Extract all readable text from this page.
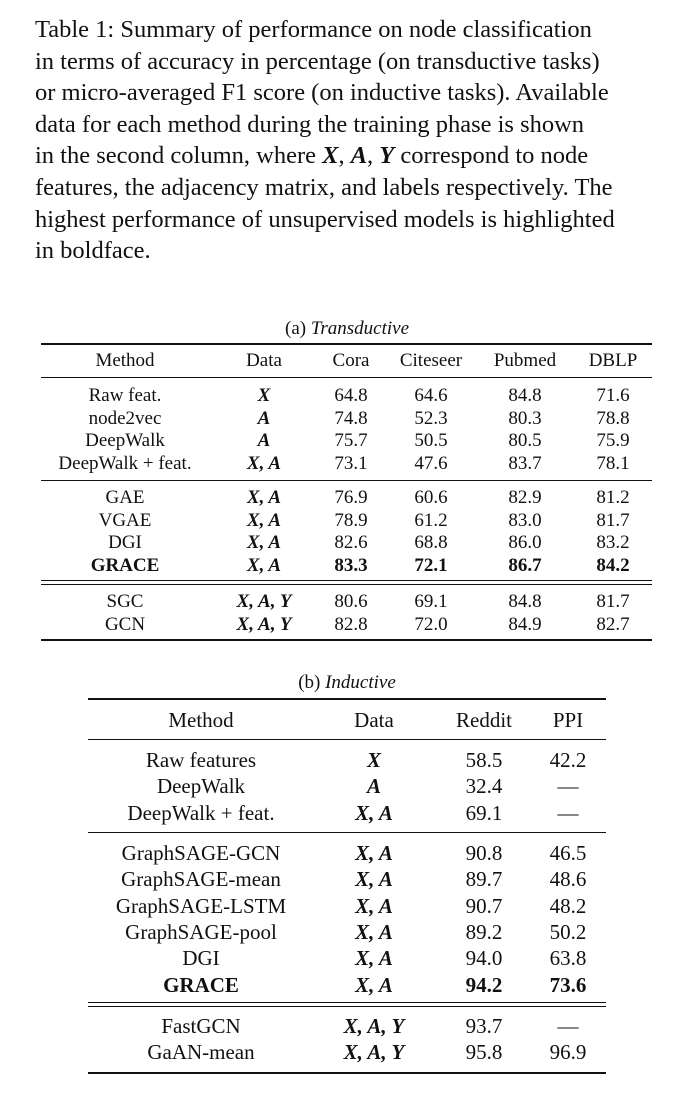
Table 1: Summary of performance on node classification
in terms of accuracy in percentage (on transductive tasks)
or micro-averaged F1 score (on inductive tasks). Available
data for each method during the training phase is shown
in the second column, where X, A, Y correspond to node
features, the adjacency matrix, and labels respectively. The
highest performance of unsupervised models is highlighted
in boldface.

(a) Transductive
Method	Data	Cora	Citeseer	Pubmed	DBLP
Raw feat.	X	64.8	64.6	84.8	71.6
node2vec	A	74.8	52.3	80.3	78.8
DeepWalk	A	75.7	50.5	80.5	75.9
DeepWalk + feat.	X, A	73.1	47.6	83.7	78.1
GAE	X, A	76.9	60.6	82.9	81.2
VGAE	X, A	78.9	61.2	83.0	81.7
DGI	X, A	82.6	68.8	86.0	83.2
GRACE	X, A	83.3	72.1	86.7	84.2
SGC	X, A, Y	80.6	69.1	84.8	81.7
GCN	X, A, Y	82.8	72.0	84.9	82.7
(b) Inductive
Method	Data	Reddit	PPI
Raw features	X	58.5	42.2
DeepWalk	A	32.4	—
DeepWalk + feat.	X, A	69.1	—
GraphSAGE-GCN	X, A	90.8	46.5
GraphSAGE-mean	X, A	89.7	48.6
GraphSAGE-LSTM	X, A	90.7	48.2
GraphSAGE-pool	X, A	89.2	50.2
DGI	X, A	94.0	63.8
GRACE	X, A	94.2	73.6
FastGCN	X, A, Y	93.7	—
GaAN-mean	X, A, Y	95.8	96.9
